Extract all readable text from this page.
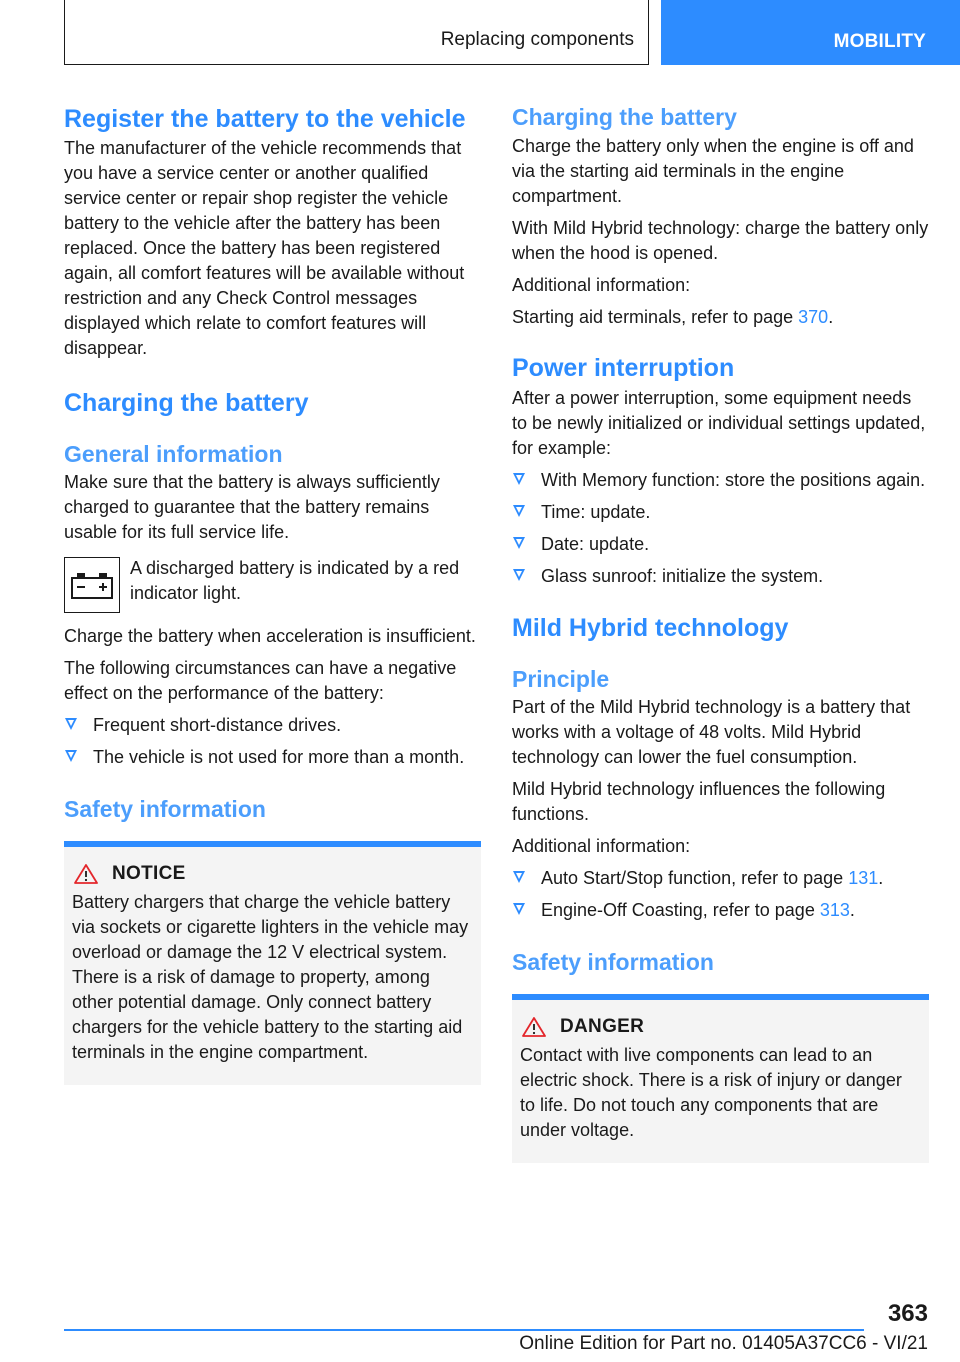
Replacing components	MOBILITY
Register the battery to the vehicle

The manufacturer of the vehicle recommends that you have a service center or another qualified service center or repair shop register the vehicle battery to the vehicle after the battery has been replaced. Once the battery has been registered again, all comfort features will be available without restriction and any Check Control messages displayed which relate to comfort features will disappear.

Charging the battery
General information

Make sure that the battery is always sufficiently charged to guarantee that the battery remains usable for its full service life.

A discharged battery is indicated by a red indicator light.

Charge the battery when acceleration is insufficient.

The following circumstances can have a negative effect on the performance of the battery:

Frequent short-distance drives.
The vehicle is not used for more than a month.
Safety information
NOTICE

Battery chargers that charge the vehicle battery via sockets or cigarette lighters in the vehicle may overload or damage the 12 V electrical system. There is a risk of damage to property, among other potential damage. Only connect battery chargers for the vehicle battery to the starting aid terminals in the engine compartment.

Charging the battery

Charge the battery only when the engine is off and via the starting aid terminals in the engine compartment.

With Mild Hybrid technology: charge the battery only when the hood is opened.

Additional information:

Starting aid terminals, refer to page 370.

Power interruption

After a power interruption, some equipment needs to be newly initialized or individual settings updated, for example:

With Memory function: store the positions again.
Time: update.
Date: update.
Glass sunroof: initialize the system.
Mild Hybrid technology
Principle

Part of the Mild Hybrid technology is a battery that works with a voltage of 48 volts. Mild Hybrid technology can lower the fuel consumption.

Mild Hybrid technology influences the following functions.

Additional information:

Auto Start/Stop function, refer to page 131.
Engine-Off Coasting, refer to page 313.
Safety information
DANGER

Contact with live components can lead to an electric shock. There is a risk of injury or danger to life. Do not touch any components that are under voltage.

363
Online Edition for Part no. 01405A37CC6 - VI/21
